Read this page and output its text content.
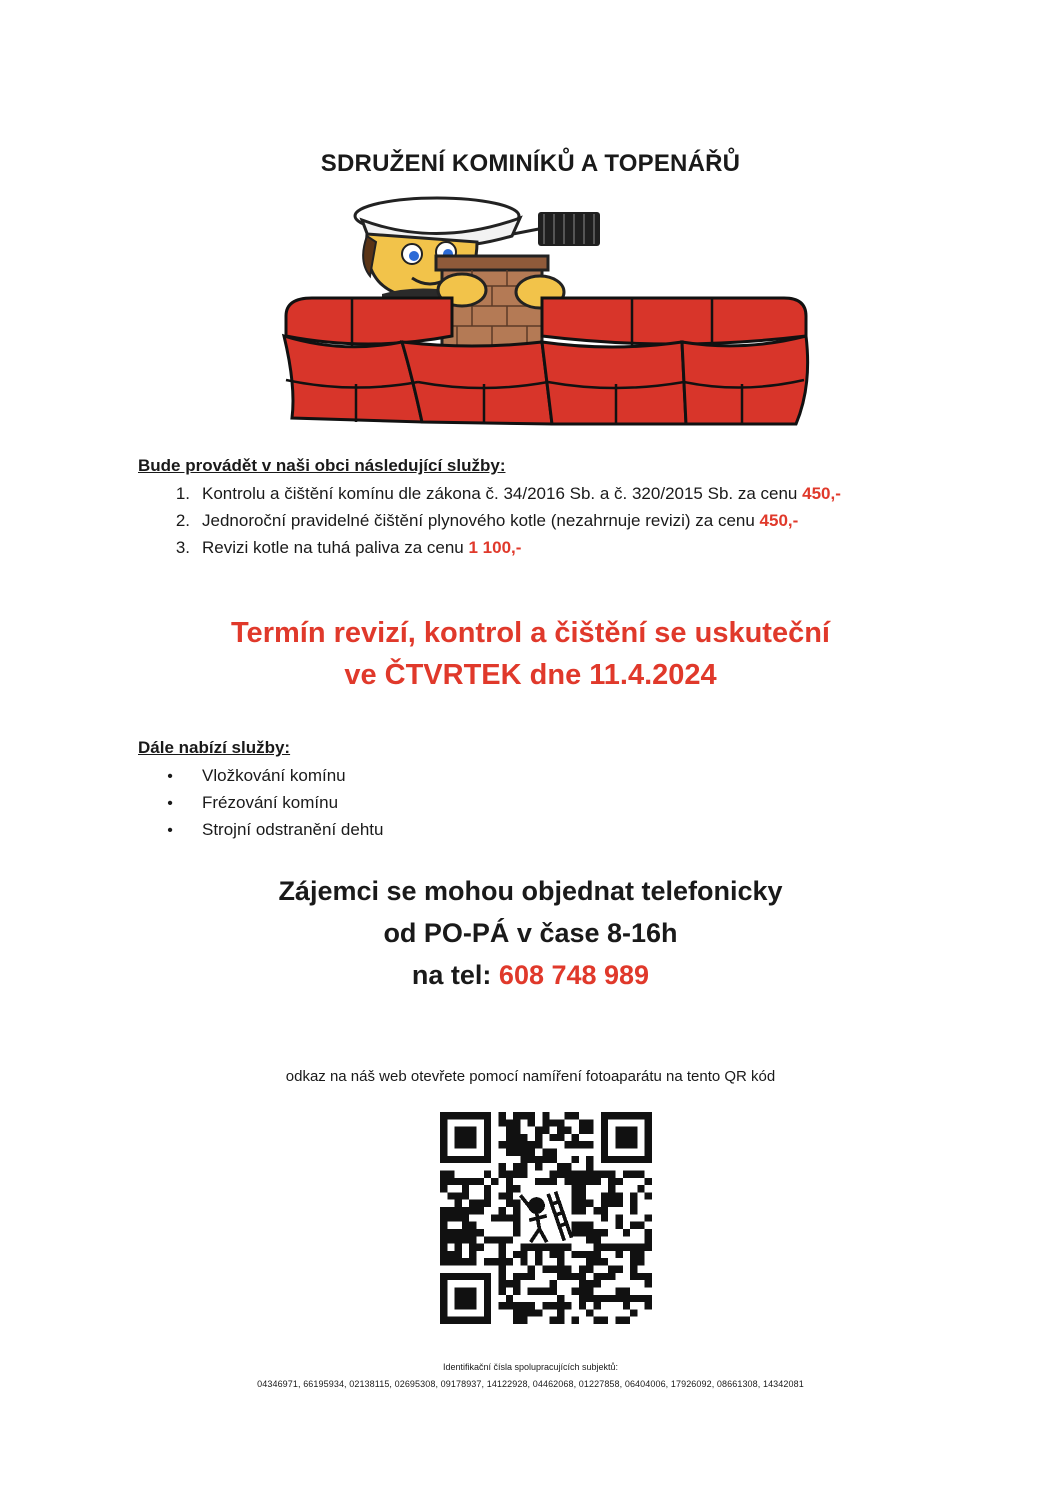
SDRUŽENÍ KOMINÍKŮ A TOPENÁŘŮ
Bude provádět v naši obci následující služby:
1. Kontrolu a čištění komínu dle zákona č. 34/2016 Sb. a č. 320/2015 Sb. za cenu 450,-
2. Jednoroční pravidelné čištění plynového kotle (nezahrnuje revizi) za cenu 450,-
3. Revizi kotle na tuhá paliva za cenu 1 100,-
Termín revizí, kontrol a čištění se uskuteční
ve ČTVRTEK dne 11.4.2024
Dále nabízí služby:
• Vložkování komínu
• Frézování komínu
• Strojní odstranění dehtu
Zájemci se mohou objednat telefonicky
od PO-PÁ v čase 8-16h
na tel: 608 748 989
odkaz na náš web otevřete pomocí namíření fotoaparátu na tento QR kód
Identifikační čísla spolupracujících subjektů:
04346971, 66195934, 02138115, 02695308, 09178937, 14122928, 04462068, 01227858, 06404006, 17926092, 08661308, 14342081
